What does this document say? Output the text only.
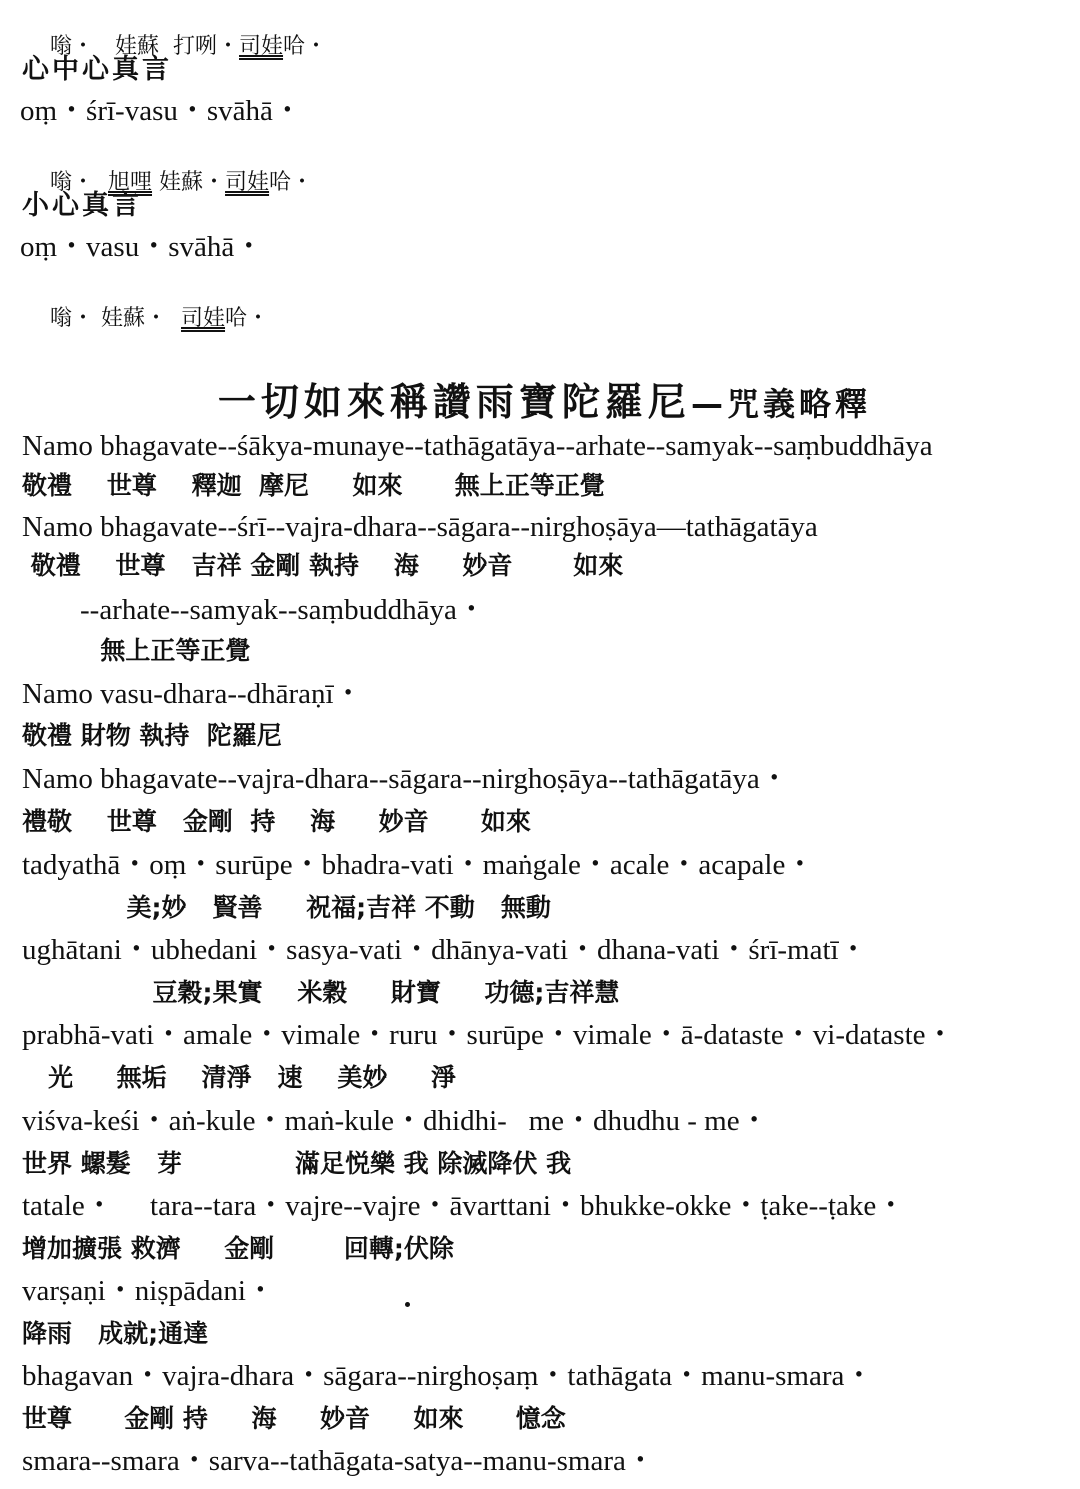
嗡・ 娃蘇 打咧・司娃哈・

心中心真言
oṃ・śrī-vasu・svāhā・

嗡・ 旭哩 娃蘇・司娃哈・

小心真言
oṃ・vasu・svāhā・

嗡・ 娃蘇・ 司娃哈・

一切如來稱讚雨寶陀羅尼—咒義略釋

Namo bhagavate--śākya-munaye--tathāgatāya--arhate--samyak--saṃbuddhāya
敬禮    世尊    釋迦  摩尼     如來      無上正等正覺
Namo bhagavate--śrī--vajra-dhara--sāgara--nirghoṣāya—tathāgatāya
敬禮    世尊   吉祥 金剛 執持    海     妙音       如來
--arhate--samyak--saṃbuddhāya・
無上正等正覺
Namo vasu-dhara--dhāraṇī・
敬禮 財物 執持  陀羅尼
Namo bhagavate--vajra-dhara--sāgara--nirghoṣāya--tathāgatāya・
禮敬    世尊   金剛  持    海     妙音      如來
tadyathā・oṃ・surūpe・bhadra-vati・maṅgale・acale・acapale・
美;妙   賢善     祝福;吉祥 不動   無動
ughātani・ubhedani・sasya-vati・dhānya-vati・dhana-vati・śrī-matī・
豆穀;果實    米穀     財寶     功德;吉祥慧
prabhā-vati・amale・vimale・ruru・surūpe・vimale・ā-dataste・vi-dataste・
光     無垢    清淨   速    美妙     淨
viśva-keśi・aṅ-kule・maṅ-kule・dhidhi-   me・dhudhu - me・
世界 螺髮   芽             滿足悦樂 我 除滅降伏 我
tatale・     tara--tara・vajre--vajre・āvarttani・bhukke-okke・ṭake--ṭake・
增加擴張 救濟     金剛        回轉;伏除
varṣaṇi・niṣpādani・
降雨   成就;通達
bhagavan・vajra-dhara・sāgara--nirghoṣaṃ・tathāgata・manu-smara・
世尊      金剛 持     海     妙音     如來      憶念
smara--smara・sarva--tathāgata-satya--manu-smara・
